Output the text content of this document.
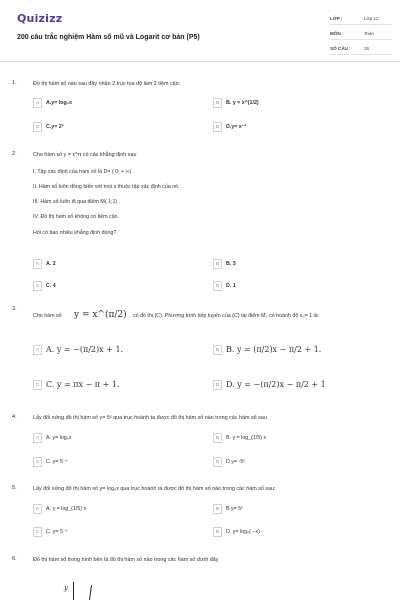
Quizizz
200 câu trắc nghiệm Hàm số mũ và Logarit cơ bản (P5)
LỚP :	Lớp 12
MÔN :	Toán
SỐ CÂU :	26
1.	Đồ thị hàm số nào sau đây nhận 2 trục tọa độ làm 2 tiệm cận:
A	A.y= log₂x	B	B. y = x^(1/2)
C	C.y= 2ˣ	D	D.y= x⁻³
2.	Cho hàm số y = x^π có các khẳng định sau
I. Tập xác định của hàm số là D= ( 0; + ∞) .
II. Hàm số luôn đồng biến với mọi x thuộc tập xác định của nó.
III. Hàm số luôn đi qua điểm M( 1;1) .
IV. Đồ thị hàm số không có tiệm cận.
Hỏi có bao nhiêu khẳng định đúng?
A	A. 2	B	B. 3
C	C. 4	D	D. 1
3.
Cho hàm số y = x^(π/2) có đồ thị (C). Phương trình tiếp tuyến của (C) tại điểm M₀ có hoành độ x₀= 1 là:
A A. y = −(π/2)x + 1.	B B. y = (π/2)x − π/2 + 1.
C C. y = πx − π + 1.	D D. y = −(π/2)x − π/2 + 1
4.	Lấy đối xứng đồ thị hàm số y= 5ˣ qua trục hoành ta được đồ thị hàm số nào trong các hàm số sau
A	A. y= log₅x	B	B. y = log_(1/5) x
C	C. y= 5⁻ˣ	D	D.y= -5ˣ
5.	Lấy đối xứng đồ thị hàm số y= log₅x qua trục hoành ta được đồ thị hàm số nào trong các hàm số sau:
A	A. y = log_(1/5) x	B	B.y= 5ˣ
C	C. y= 5⁻ˣ	D	D. y= log₅( −x)
6.	Đồ thị hàm số trong hình bên là đồ thị hàm số nào trong các hàm số dưới đây
y
